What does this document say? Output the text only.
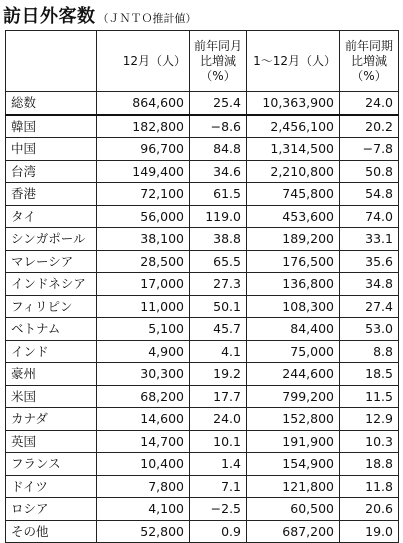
訪日外客数 （ＪＮＴＯ推計値）
	12月（人）	前年同月比増減（%）	1～12月（人）	前年同期比増減（%）
総数	864,600	25.4	10,363,900	24.0
韓国	182,800	−8.6	2,456,100	20.2
中国	96,700	84.8	1,314,500	−7.8
台湾	149,400	34.6	2,210,800	50.8
香港	72,100	61.5	745,800	54.8
タイ	56,000	119.0	453,600	74.0
シンガポール	38,100	38.8	189,200	33.1
マレーシア	28,500	65.5	176,500	35.6
インドネシア	17,000	27.3	136,800	34.8
フィリピン	11,000	50.1	108,300	27.4
ベトナム	5,100	45.7	84,400	53.0
インド	4,900	4.1	75,000	8.8
豪州	30,300	19.2	244,600	18.5
米国	68,200	17.7	799,200	11.5
カナダ	14,600	24.0	152,800	12.9
英国	14,700	10.1	191,900	10.3
フランス	10,400	1.4	154,900	18.8
ドイツ	7,800	7.1	121,800	11.8
ロシア	4,100	−2.5	60,500	20.6
その他	52,800	0.9	687,200	19.0
